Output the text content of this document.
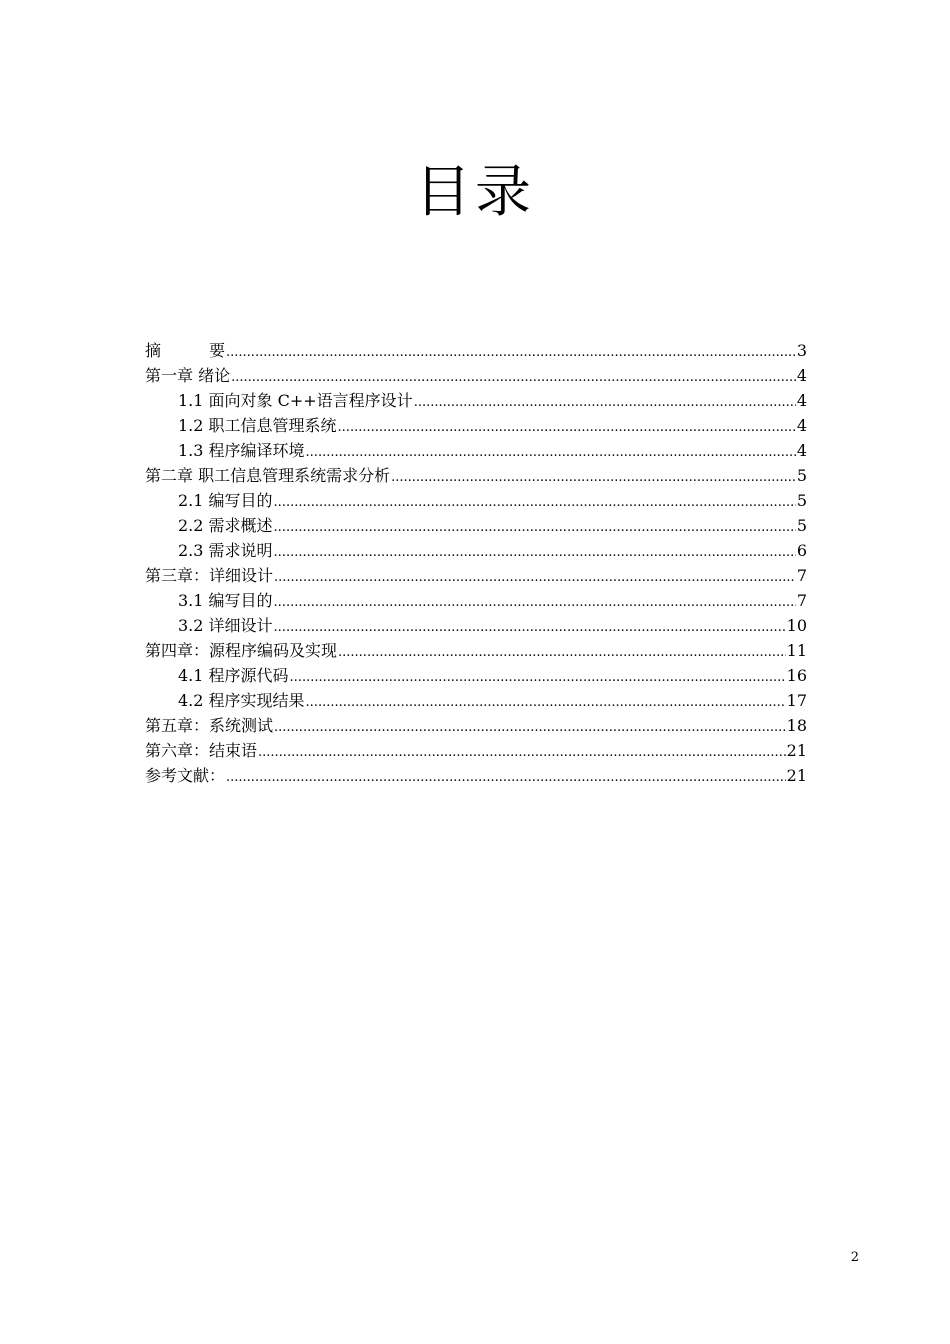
目录
摘　　　要 .....	3
第一章 绪论 .....	4
1.1 面向对象 C++语言程序设计 .....	4
1.2 职工信息管理系统 .....	4
1.3 程序编译环境 .....	4
第二章 职工信息管理系统需求分析 .....	5
2.1 编写目的 .....	5
2.2 需求概述 .....	5
2.3 需求说明 .....	6
第三章：详细设计 .....	7
3.1 编写目的 .....	7
3.2 详细设计 .....	10
第四章：源程序编码及实现 .....	11
4.1 程序源代码 .....	16
4.2 程序实现结果 .....	17
第五章：系统测试 .....	18
第六章：结束语 .....	21
参考文献： .....	21
2
